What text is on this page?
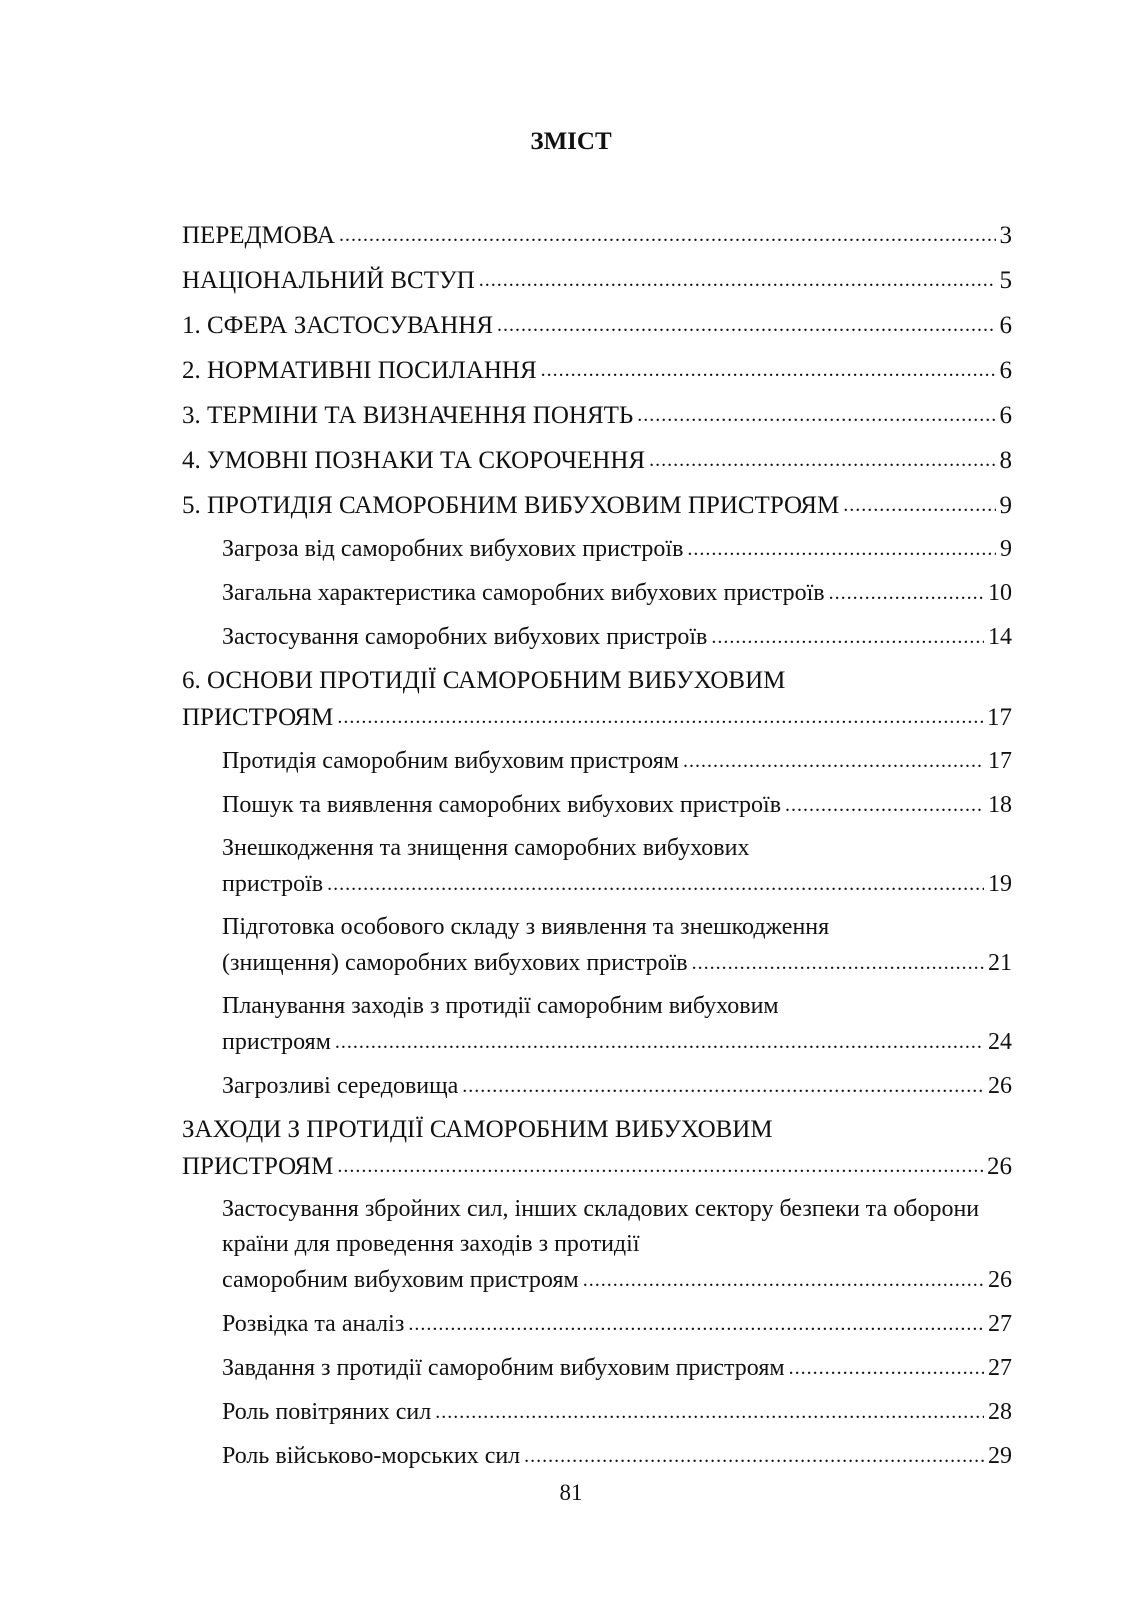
ЗМІСТ
ПЕРЕДМОВА .....	3
НАЦІОНАЛЬНИЙ ВСТУП .....	5
1. СФЕРА ЗАСТОСУВАННЯ .....	6
2. НОРМАТИВНІ ПОСИЛАННЯ .....	6
3. ТЕРМІНИ ТА ВИЗНАЧЕННЯ ПОНЯТЬ .....	6
4. УМОВНІ ПОЗНАКИ ТА СКОРОЧЕННЯ .....	8
5. ПРОТИДІЯ САМОРОБНИМ ВИБУХОВИМ ПРИСТРОЯМ .....	9
Загроза від саморобних вибухових пристроїв .....	9
Загальна характеристика саморобних вибухових пристроїв .....	10
Застосування саморобних вибухових пристроїв .....	14
6. ОСНОВИ ПРОТИДІЇ САМОРОБНИМ ВИБУХОВИМ
ПРИСТРОЯМ .....	17
Протидія саморобним вибуховим пристроям .....	17
Пошук та виявлення саморобних вибухових пристроїв .....	18
Знешкодження та знищення саморобних вибухових
пристроїв .....	19
Підготовка особового складу з виявлення та знешкодження
(знищення) саморобних вибухових пристроїв .....	21
Планування заходів з протидії саморобним вибуховим
пристроям .....	24
Загрозливі середовища .....	26
ЗАХОДИ З ПРОТИДІЇ САМОРОБНИМ ВИБУХОВИМ
ПРИСТРОЯМ .....	26
Застосування збройних сил, інших складових сектору безпеки та оборони країни для проведення заходів з протидії
саморобним вибуховим пристроям .....	26
Розвідка та аналіз .....	27
Завдання з протидії саморобним вибуховим пристроям .....	27
Роль повітряних сил .....	28
Роль військово-морських сил .....	29
81
